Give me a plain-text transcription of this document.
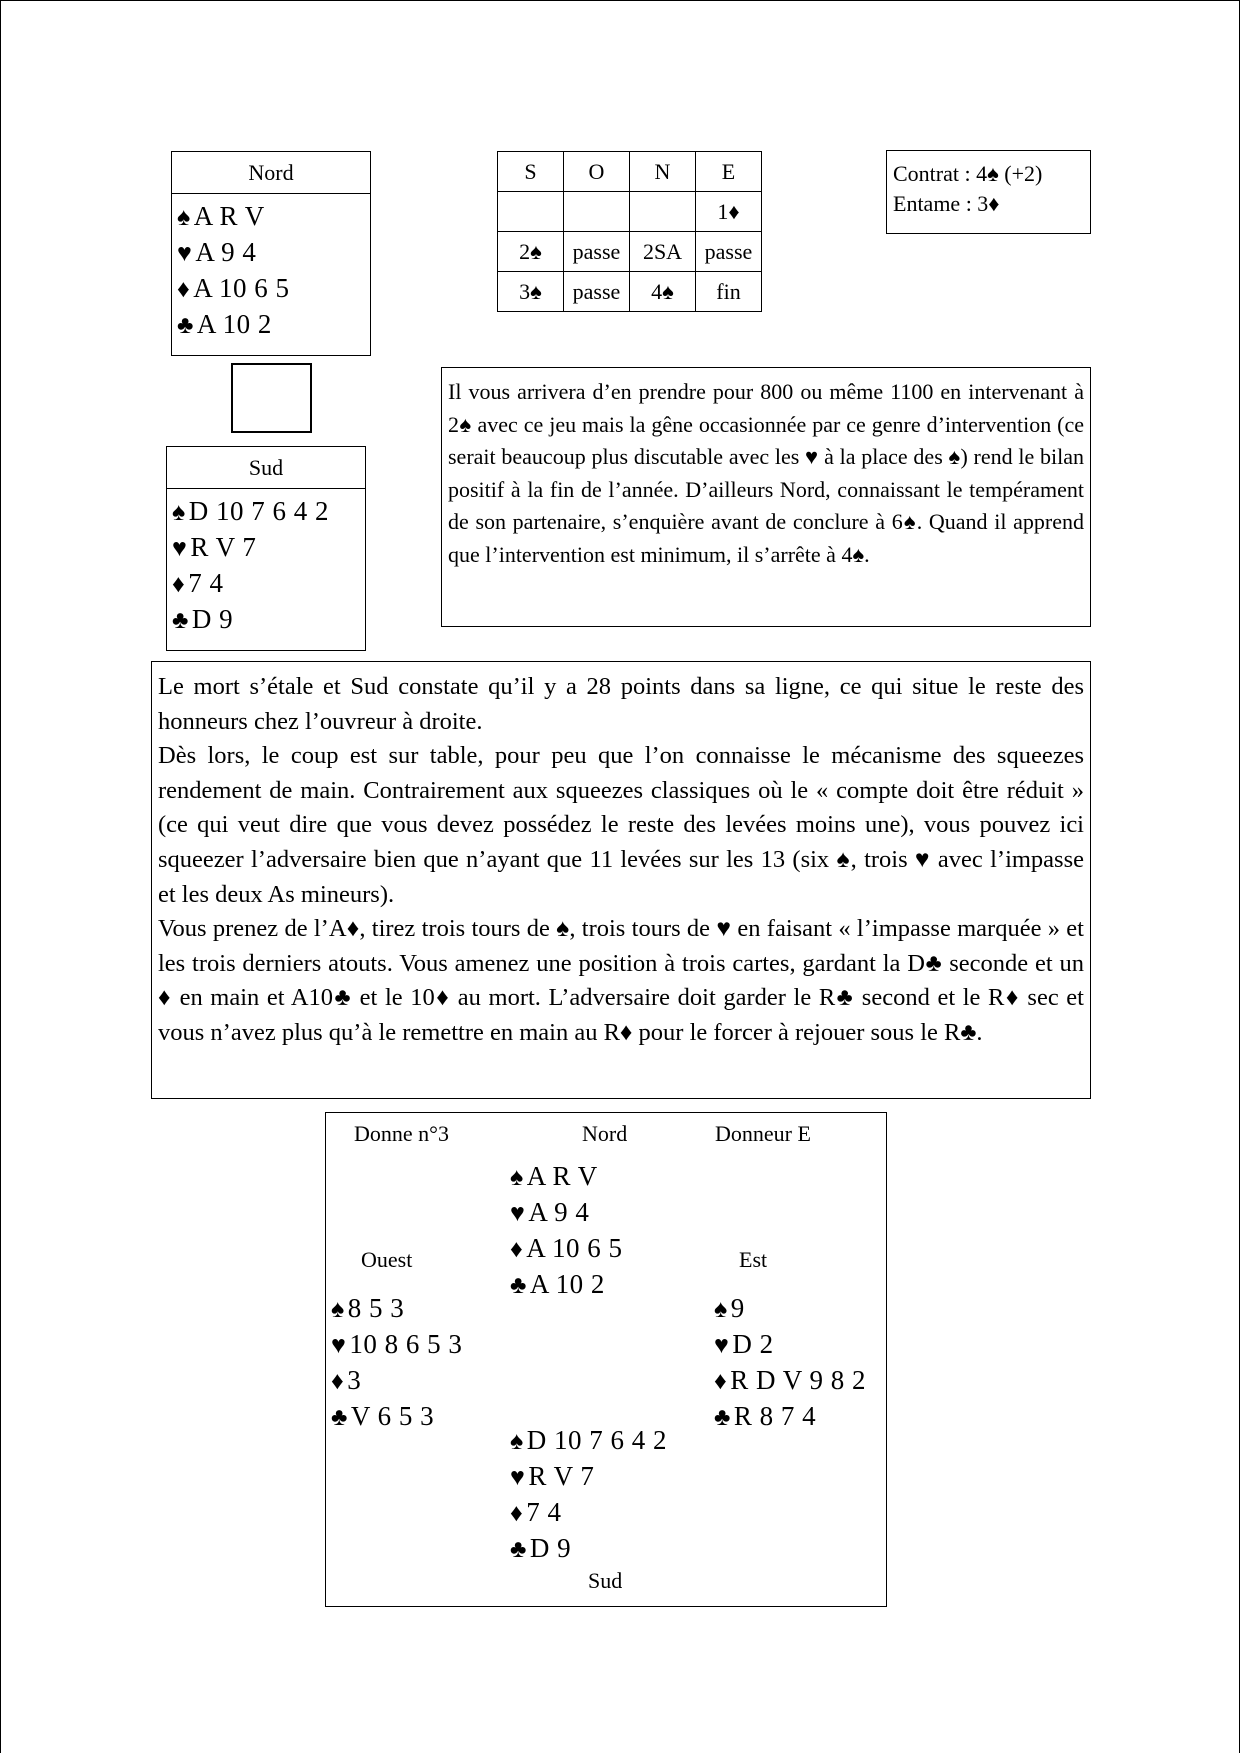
Nord
♠ A R V
♥ A 9 4
♦ A 10 6 5
♣ A 10 2
Sud
♠ D 10 7 6 4 2
♥ R V 7
♦ 7 4
♣ D 9
S	O	N	E
			1♦
2♠	passe	2SA	passe
3♠	passe	4♠	fin
Contrat : 4♠ (+2)
Entame : 3♦
Il vous arrivera d’en prendre pour 800 ou même 1100 en intervenant à 2♠ avec ce jeu mais la gêne occasionnée par ce genre d’intervention (ce serait beaucoup plus discutable avec les ♥ à la place des ♠) rend le bilan positif à la fin de l’année. D’ailleurs Nord, connaissant le tempérament de son partenaire, s’enquière avant de conclure à 6♠. Quand il apprend que l’intervention est minimum, il s’arrête à 4♠.
Le mort s’étale et Sud constate qu’il y a 28 points dans sa ligne, ce qui situe le reste des honneurs chez l’ouvreur à droite.
Dès lors, le coup est sur table, pour peu que l’on connaisse le mécanisme des squeezes rendement de main. Contrairement aux squeezes classiques où le « compte doit être réduit » (ce qui veut dire que vous devez possédez le reste des levées moins une), vous pouvez ici squeezer l’adversaire bien que n’ayant que 11 levées sur les 13 (six ♠, trois ♥ avec l’impasse et les deux As mineurs).
Vous prenez de l’A♦, tirez trois tours de ♠, trois tours de ♥ en faisant « l’impasse marquée » et les trois derniers atouts. Vous amenez une position à trois cartes, gardant la D♣ seconde et un ♦ en main et A10♣ et le 10♦ au mort. L’adversaire doit garder le R♣ second et le R♦ sec et vous n’avez plus qu’à le remettre en main au R♦ pour le forcer à rejouer sous le R♣.
Donne n°3	Nord	Donneur E
Ouest	Est
Sud
♠ A R V
♥ A 9 4
♦ A 10 6 5
♣ A 10 2
♠ 8 5 3
♥ 10 8 6 5 3
♦ 3
♣ V 6 5 3
♠ 9
♥ D 2
♦ R D V 9 8 2
♣ R 8 7 4
♠ D 10 7 6 4 2
♥ R V 7
♦ 7 4
♣ D 9
